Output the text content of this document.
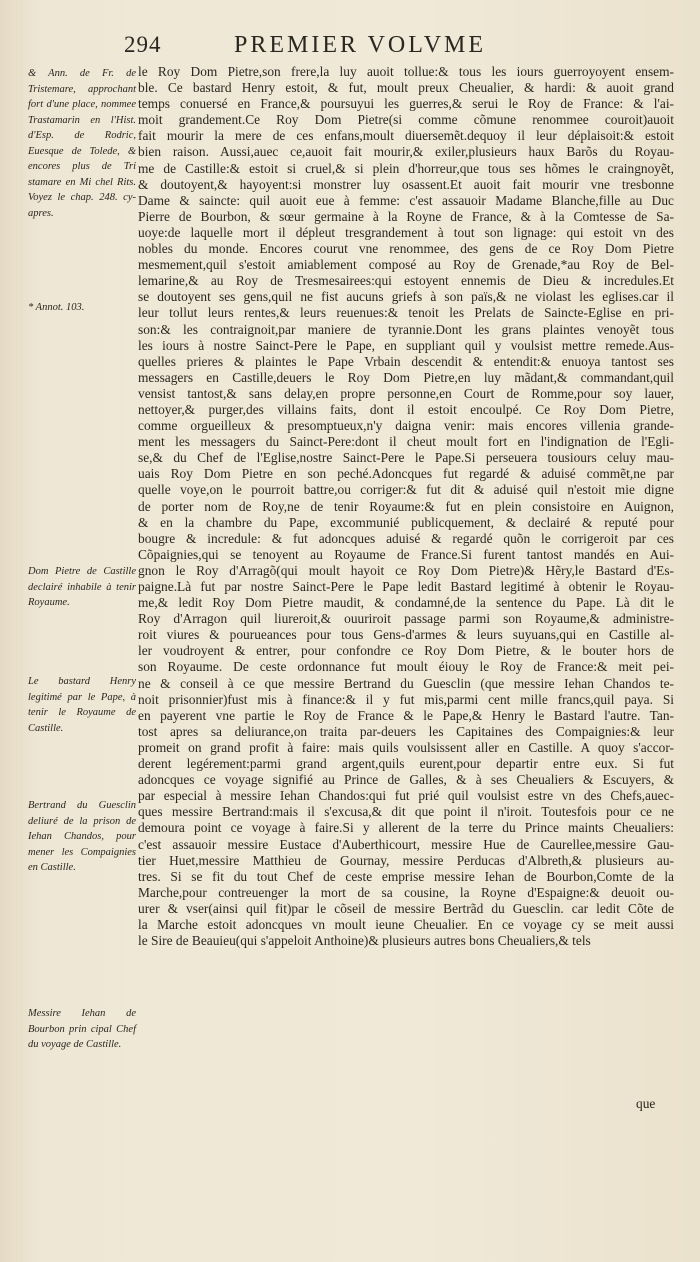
294	PREMIER VOLVME
& Ann. de Fr. de Tristemare, approchant fort d'une place, nommee Trastamarin en l'Hist. d'Esp. de Rodric, Euesque de Tolede, & encores plus de Tri stamare en Mi chel Rits. Voyez le chap. 248. cy-apres.
* Annot. 103.
Dom Pietre de Castille declairé inhabile à tenir Royaume.
Le bastard Henry legitimé par le Pape, à tenir le Royaume de Castille.
Bertrand du Guesclin deliuré de la prison de Iehan Chandos, pour mener les Compaignies en Castille.
Messire Iehan de Bourbon prin cipal Chef du voyage de Castille.
le Roy Dom Pietre,son frere,la luy auoit tollue:& tous les iours guerroyoyent ensem-
ble. Ce bastard Henry estoit, & fut, moult preux Cheualier, & hardi: & auoit grand
temps conuersé en France,& poursuyui les guerres,& serui le Roy de France: & l'ai-
moit grandement.Ce Roy Dom Pietre(si comme cõmune renommee couroit)auoit
fait mourir la mere de ces enfans,moult diuersemẽt.dequoy il leur déplaisoit:& estoit
bien raison. Aussi,auec ce,auoit fait mourir,& exiler,plusieurs haux Barõs du Royau-
me de Castille:& estoit si cruel,& si plein d'horreur,que tous ses hõmes le craingnoyẽt,
& doutoyent,& hayoyent:si monstrer luy osassent.Et auoit fait mourir vne tresbonne
Dame & saincte: quil auoit eue à femme: c'est assauoir Madame Blanche,fille au Duc
Pierre de Bourbon, & sœur germaine à la Royne de France, & à la Comtesse de Sa-
uoye:de laquelle mort il dépleut tresgrandement à tout son lignage: qui estoit vn des
nobles du monde. Encores courut vne renommee, des gens de ce Roy Dom Pietre
mesmement,quil s'estoit amiablement composé au Roy de Grenade,*au Roy de Bel-
lemarine,& au Roy de Tresmesairees:qui estoyent ennemis de Dieu & incredules.Et
se doutoyent ses gens,quil ne fist aucuns griefs à son païs,& ne violast les eglises.car il
leur tollut leurs rentes,& leurs reuenues:& tenoit les Prelats de Saincte-Eglise en pri-
son:& les contraignoit,par maniere de tyrannie.Dont les grans plaintes venoyẽt tous
les iours à nostre Sainct-Pere le Pape, en suppliant quil y voulsist mettre remede.Aus-
quelles prieres & plaintes le Pape Vrbain descendit & entendit:& enuoya tantost ses
messagers en Castille,deuers le Roy Dom Pietre,en luy mãdant,& commandant,quil
vensist tantost,& sans delay,en propre personne,en Court de Romme,pour soy lauer,
nettoyer,& purger,des villains faits, dont il estoit encoulpé. Ce Roy Dom Pietre,
comme orgueilleux & presomptueux,n'y daigna venir: mais encores villenia grande-
ment les messagers du Sainct-Pere:dont il cheut moult fort en l'indignation de l'Egli-
se,& du Chef de l'Eglise,nostre Sainct-Pere le Pape.Si perseuera tousiours celuy mau-
uais Roy Dom Pietre en son peché.Adoncques fut regardé & aduisé commẽt,ne par
quelle voye,on le pourroit battre,ou corriger:& fut dit & aduisé quil n'estoit mie digne
de porter nom de Roy,ne de tenir Royaume:& fut en plein consistoire en Auignon,
& en la chambre du Pape, excommunié publicquement, & declairé & reputé pour
bougre & incredule: & fut adoncques aduisé & regardé quõn le corrigeroit par ces
Cõpaignies,qui se tenoyent au Royaume de France.Si furent tantost mandés en Aui-
gnon le Roy d'Arragõ(qui moult hayoit ce Roy Dom Pietre)& Hẽry,le Bastard d'Es-
paigne.Là fut par nostre Sainct-Pere le Pape ledit Bastard legitimé à obtenir le Royau-
me,& ledit Roy Dom Pietre maudit, & condamné,de la sentence du Pape. Là dit le
Roy d'Arragon quil liureroit,& ouuriroit passage parmi son Royaume,& administre-
roit viures & pourueances pour tous Gens-d'armes & leurs suyuans,qui en Castille al-
ler voudroyent & entrer, pour confondre ce Roy Dom Pietre, & le bouter hors de
son Royaume. De ceste ordonnance fut moult éiouy le Roy de France:& meit pei-
ne & conseil à ce que messire Bertrand du Guesclin (que messire Iehan Chandos te-
noit prisonnier)fust mis à finance:& il y fut mis,parmi cent mille francs,quil paya. Si
en payerent vne partie le Roy de France & le Pape,& Henry le Bastard l'autre. Tan-
tost apres sa deliurance,on traita par-deuers les Capitaines des Compaignies:& leur
promeit on grand profit à faire: mais quils voulsissent aller en Castille. A quoy s'accor-
derent legérement:parmi grand argent,quils eurent,pour departir entre eux. Si fut
adoncques ce voyage signifié au Prince de Galles, & à ses Cheualiers & Escuyers, &
par especial à messire Iehan Chandos:qui fut prié quil voulsist estre vn des Chefs,auec-
ques messire Bertrand:mais il s'excusa,& dit que point il n'iroit. Toutesfois pour ce ne
demoura point ce voyage à faire.Si y allerent de la terre du Prince maints Cheualiers:
c'est assauoir messire Eustace d'Auberthicourt, messire Hue de Caurellee,messire Gau-
tier Huet,messire Matthieu de Gournay, messire Perducas d'Albreth,& plusieurs au-
tres. Si se fit du tout Chef de ceste emprise messire Iehan de Bourbon,Comte de la
Marche,pour contreuenger la mort de sa cousine, la Royne d'Espaigne:& deuoit ou-
urer & vser(ainsi quil fit)par le cõseil de messire Bertrãd du Guesclin. car ledit Cõte de
la Marche estoit adoncques vn moult ieune Cheualier. En ce voyage cy se meit aussi
le Sire de Beauieu(qui s'appeloit Anthoine)& plusieurs autres bons Cheualiers,& tels
que
